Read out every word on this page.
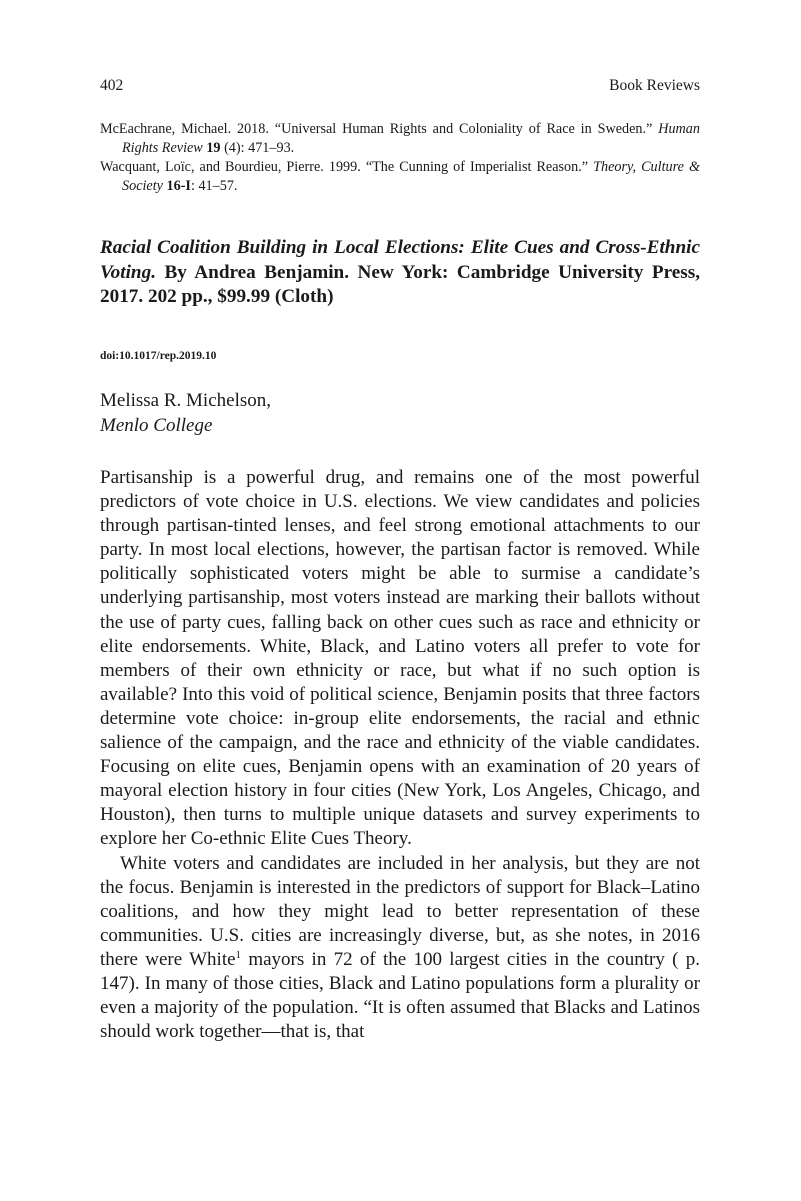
402	Book Reviews
McEachrane, Michael. 2018. “Universal Human Rights and Coloniality of Race in Sweden.” Human Rights Review 19 (4): 471–93.
Wacquant, Loïc, and Bourdieu, Pierre. 1999. “The Cunning of Imperialist Reason.” Theory, Culture & Society 16-I: 41–57.
Racial Coalition Building in Local Elections: Elite Cues and Cross-Ethnic Voting. By Andrea Benjamin. New York: Cambridge University Press, 2017. 202 pp., $99.99 (Cloth)
doi:10.1017/rep.2019.10
Melissa R. Michelson,
Menlo College

Partisanship is a powerful drug, and remains one of the most powerful predictors of vote choice in U.S. elections. We view candidates and policies through partisan-tinted lenses, and feel strong emotional attachments to our party. In most local elections, however, the partisan factor is removed. While politically sophisticated voters might be able to surmise a candidate’s underlying partisanship, most voters instead are marking their ballots without the use of party cues, falling back on other cues such as race and ethnicity or elite endorsements. White, Black, and Latino voters all prefer to vote for members of their own ethnicity or race, but what if no such option is available? Into this void of political science, Benjamin posits that three factors determine vote choice: in-group elite endorsements, the racial and ethnic salience of the campaign, and the race and ethnicity of the viable candidates. Focusing on elite cues, Benjamin opens with an examination of 20 years of mayoral election history in four cities (New York, Los Angeles, Chicago, and Houston), then turns to multiple unique datasets and survey experiments to explore her Co-ethnic Elite Cues Theory.

White voters and candidates are included in her analysis, but they are not the focus. Benjamin is interested in the predictors of support for Black–Latino coalitions, and how they might lead to better representation of these communities. U.S. cities are increasingly diverse, but, as she notes, in 2016 there were White$^1$ mayors in 72 of the 100 largest cities in the country ( p. 147). In many of those cities, Black and Latino populations form a plurality or even a majority of the population. “It is often assumed that Blacks and Latinos should work together—that is, that
